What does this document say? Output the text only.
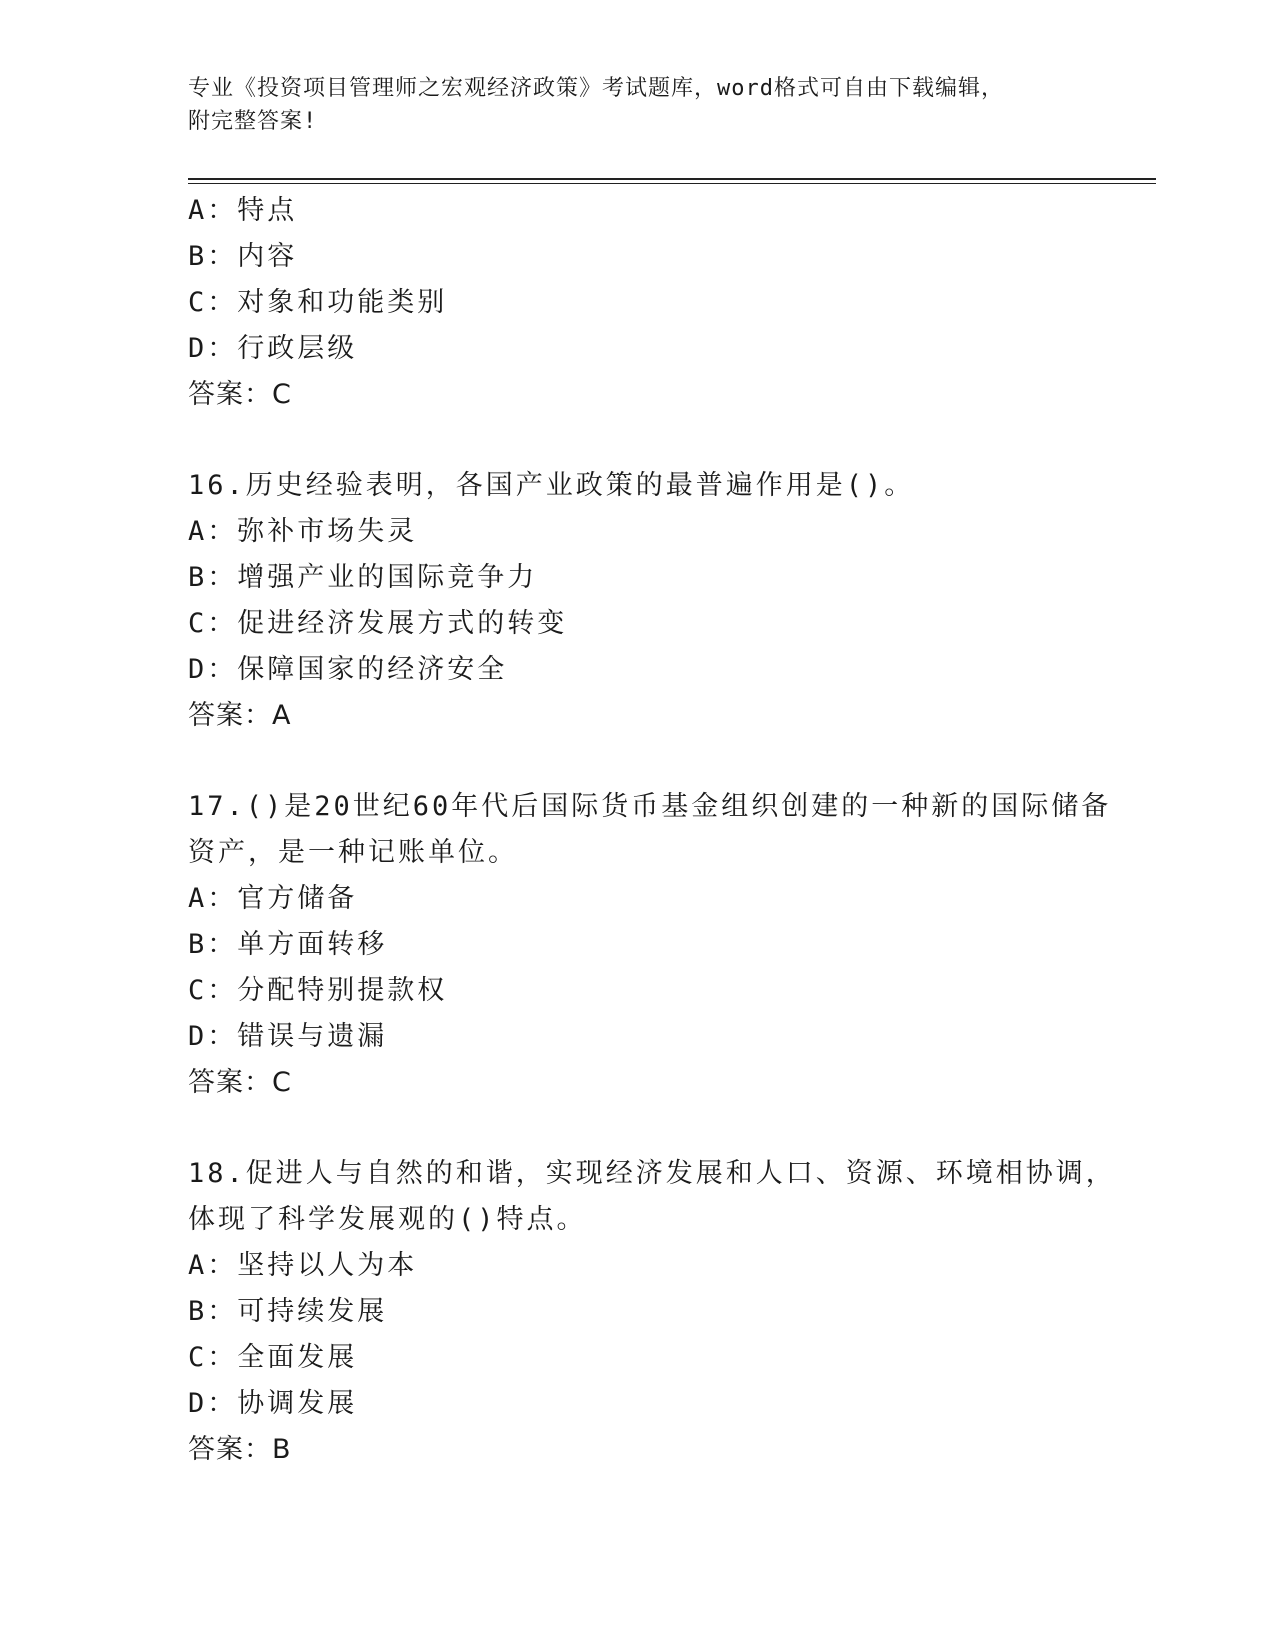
专业《投资项目管理师之宏观经济政策》考试题库，word格式可自由下载编辑，
附完整答案!
A：特点
B：内容
C：对象和功能类别
D：行政层级
答案：C
16.历史经验表明，各国产业政策的最普遍作用是()。
A：弥补市场失灵
B：增强产业的国际竞争力
C：促进经济发展方式的转变
D：保障国家的经济安全
答案：A
17.()是20世纪60年代后国际货币基金组织创建的一种新的国际储备
资产，是一种记账单位。
A：官方储备
B：单方面转移
C：分配特别提款权
D：错误与遗漏
答案：C
18.促进人与自然的和谐，实现经济发展和人口、资源、环境相协调，
体现了科学发展观的()特点。
A：坚持以人为本
B：可持续发展
C：全面发展
D：协调发展
答案：B
